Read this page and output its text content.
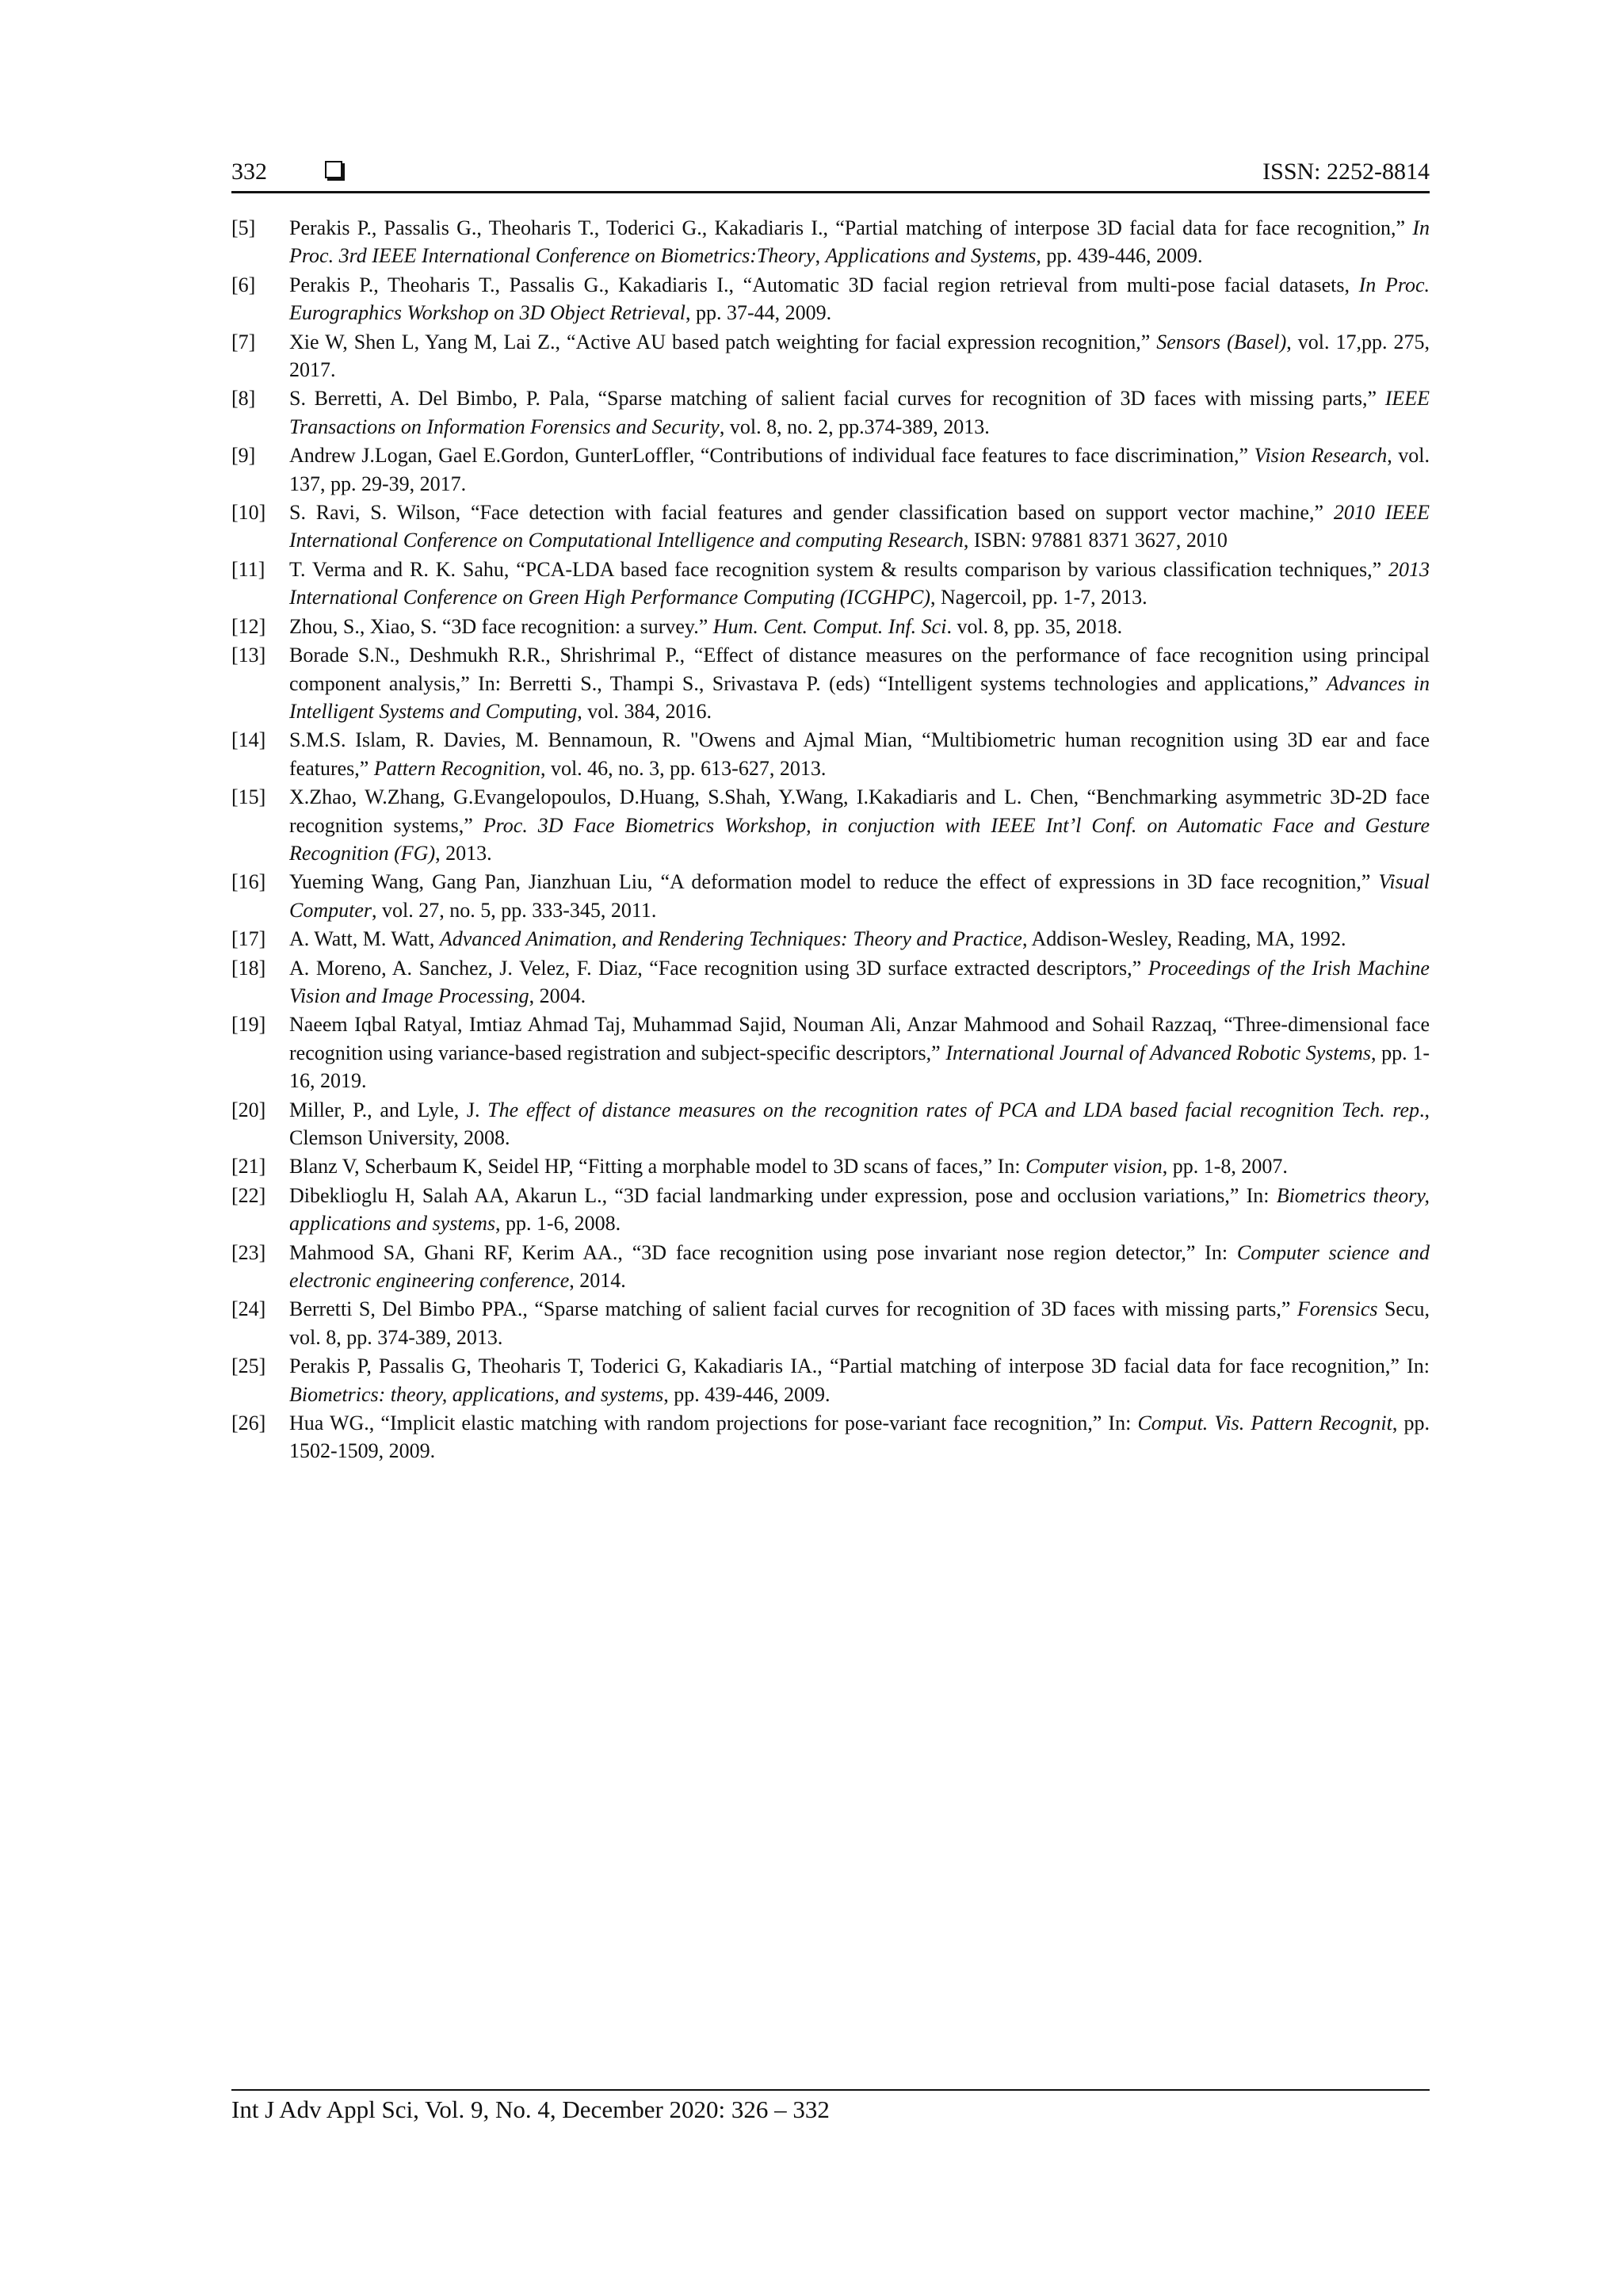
332	ISSN: 2252-8814
[5]	Perakis P., Passalis G., Theoharis T., Toderici G., Kakadiaris I., “Partial matching of interpose 3D facial data for face recognition,” In Proc. 3rd IEEE International Conference on Biometrics:Theory, Applications and Systems, pp. 439-446, 2009.
[6]	Perakis P., Theoharis T., Passalis G., Kakadiaris I., “Automatic 3D facial region retrieval from multi-pose facial datasets, In Proc. Eurographics Workshop on 3D Object Retrieval, pp. 37-44, 2009.
[7]	Xie W, Shen L, Yang M, Lai Z., “Active AU based patch weighting for facial expression recognition,” Sensors (Basel), vol. 17,pp. 275, 2017.
[8]	S. Berretti, A. Del Bimbo, P. Pala, “Sparse matching of salient facial curves for recognition of 3D faces with missing parts,” IEEE Transactions on Information Forensics and Security, vol. 8, no. 2, pp.374-389, 2013.
[9]	Andrew J.Logan, Gael E.Gordon, GunterLoffler, “Contributions of individual face features to face discrimination,” Vision Research, vol. 137, pp. 29-39, 2017.
[10]	S. Ravi, S. Wilson, “Face detection with facial features and gender classification based on support vector machine,” 2010 IEEE International Conference on Computational Intelligence and computing Research, ISBN: 97881 8371 3627, 2010
[11]	T. Verma and R. K. Sahu, “PCA-LDA based face recognition system & results comparison by various classification techniques,” 2013 International Conference on Green High Performance Computing (ICGHPC), Nagercoil, pp. 1-7, 2013.
[12]	Zhou, S., Xiao, S. “3D face recognition: a survey.” Hum. Cent. Comput. Inf. Sci. vol. 8, pp. 35, 2018.
[13]	Borade S.N., Deshmukh R.R., Shrishrimal P., “Effect of distance measures on the performance of face recognition using principal component analysis,” In: Berretti S., Thampi S., Srivastava P. (eds) “Intelligent systems technologies and applications,” Advances in Intelligent Systems and Computing, vol. 384, 2016.
[14]	S.M.S. Islam, R. Davies, M. Bennamoun, R. "Owens and Ajmal Mian, “Multibiometric human recognition using 3D ear and face features,” Pattern Recognition, vol. 46, no. 3, pp. 613-627, 2013.
[15]	X.Zhao, W.Zhang, G.Evangelopoulos, D.Huang, S.Shah, Y.Wang, I.Kakadiaris and L. Chen, “Benchmarking asymmetric 3D-2D face recognition systems,” Proc. 3D Face Biometrics Workshop, in conjuction with IEEE Int’l Conf. on Automatic Face and Gesture Recognition (FG), 2013.
[16]	Yueming Wang, Gang Pan, Jianzhuan Liu, “A deformation model to reduce the effect of expressions in 3D face recognition,” Visual Computer, vol. 27, no. 5, pp. 333-345, 2011.
[17]	A. Watt, M. Watt, Advanced Animation, and Rendering Techniques: Theory and Practice, Addison-Wesley, Reading, MA, 1992.
[18]	A. Moreno, A. Sanchez, J. Velez, F. Diaz, “Face recognition using 3D surface extracted descriptors,” Proceedings of the Irish Machine Vision and Image Processing, 2004.
[19]	Naeem Iqbal Ratyal, Imtiaz Ahmad Taj, Muhammad Sajid, Nouman Ali, Anzar Mahmood and Sohail Razzaq, “Three-dimensional face recognition using variance-based registration and subject-specific descriptors,” International Journal of Advanced Robotic Systems, pp. 1-16, 2019.
[20]	Miller, P., and Lyle, J. The effect of distance measures on the recognition rates of PCA and LDA based facial recognition Tech. rep., Clemson University, 2008.
[21]	Blanz V, Scherbaum K, Seidel HP, “Fitting a morphable model to 3D scans of faces,” In: Computer vision, pp. 1-8, 2007.
[22]	Dibeklioglu H, Salah AA, Akarun L., “3D facial landmarking under expression, pose and occlusion variations,” In: Biometrics theory, applications and systems, pp. 1-6, 2008.
[23]	Mahmood SA, Ghani RF, Kerim AA., “3D face recognition using pose invariant nose region detector,” In: Computer science and electronic engineering conference, 2014.
[24]	Berretti S, Del Bimbo PPA., “Sparse matching of salient facial curves for recognition of 3D faces with missing parts,” Forensics Secu, vol. 8, pp. 374-389, 2013.
[25]	Perakis P, Passalis G, Theoharis T, Toderici G, Kakadiaris IA., “Partial matching of interpose 3D facial data for face recognition,” In: Biometrics: theory, applications, and systems, pp. 439-446, 2009.
[26]	Hua WG., “Implicit elastic matching with random projections for pose-variant face recognition,” In: Comput. Vis. Pattern Recognit, pp. 1502-1509, 2009.
Int J Adv Appl Sci, Vol. 9, No. 4, December 2020: 326 – 332
